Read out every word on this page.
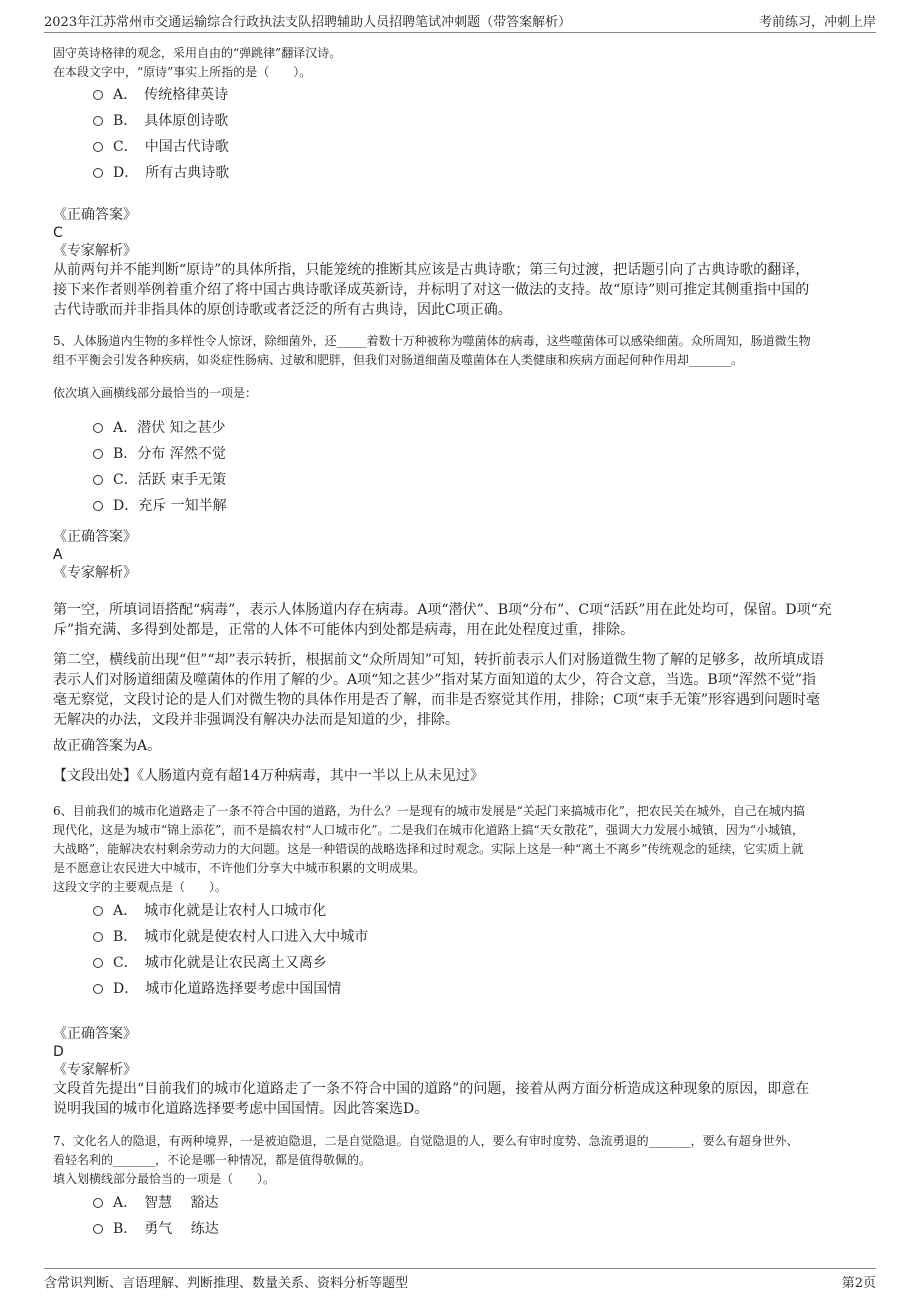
2023年江苏常州市交通运输综合行政执法支队招聘辅助人员招聘笔试冲刺题（带答案解析）	考前练习，冲刺上岸

固守英诗格律的观念，采用自由的“弹跳律”翻译汉诗。

在本段文字中，“原诗”事实上所指的是（　　）。

A．　传统格律英诗
B．　具体原创诗歌
C．　中国古代诗歌
D．　所有古典诗歌

《正确答案》

C

《专家解析》

从前两句并不能判断“原诗”的具体所指，只能笼统的推断其应该是古典诗歌；第三句过渡，把话题引向了古典诗歌的翻译，

接下来作者则举例着重介绍了将中国古典诗歌译成英新诗，并标明了对这一做法的支持。故“原诗”则可推定其侧重指中国的

古代诗歌而并非指具体的原创诗歌或者泛泛的所有古典诗，因此C项正确。

5、人体肠道内生物的多样性令人惊讶，除细菌外，还_____着数十万种被称为噬菌体的病毒，这些噬菌体可以感染细菌。众所周知，肠道微生物

组不平衡会引发各种疾病，如炎症性肠病、过敏和肥胖，但我们对肠道细菌及噬菌体在人类健康和疾病方面起何种作用却_______。

依次填入画横线部分最恰当的一项是：

A．潜伏 知之甚少
B．分布 浑然不觉
C．活跃 束手无策
D．充斥 一知半解

《正确答案》

A

《专家解析》

第一空，所填词语搭配“病毒”，表示人体肠道内存在病毒。A项“潜伏”、B项“分布”、C项“活跃”用在此处均可，保留。D项“充

斥”指充满、多得到处都是，正常的人体不可能体内到处都是病毒，用在此处程度过重，排除。

第二空，横线前出现“但”“却”表示转折，根据前文“众所周知”可知，转折前表示人们对肠道微生物了解的足够多，故所填成语

表示人们对肠道细菌及噬菌体的作用了解的少。A项“知之甚少”指对某方面知道的太少，符合文意，当选。B项“浑然不觉”指

毫无察觉，文段讨论的是人们对微生物的具体作用是否了解，而非是否察觉其作用，排除；C项“束手无策”形容遇到问题时毫

无解决的办法，文段并非强调没有解决办法而是知道的少，排除。

故正确答案为A。

【文段出处】《人肠道内竟有超14万种病毒，其中一半以上从未见过》

6、目前我们的城市化道路走了一条不符合中国的道路，为什么？一是现有的城市发展是“关起门来搞城市化”，把农民关在城外，自己在城内搞

现代化，这是为城市“锦上添花”，而不是搞农村“人口城市化”。二是我们在城市化道路上搞“天女散花”，强调大力发展小城镇，因为“小城镇，

大战略”，能解决农村剩余劳动力的大问题。这是一种错误的战略选择和过时观念。实际上这是一种“离土不离乡”传统观念的延续，它实质上就

是不愿意让农民进大中城市，不许他们分享大中城市积累的文明成果。

这段文字的主要观点是（　　）。

A．　城市化就是让农村人口城市化
B．　城市化就是使农村人口进入大中城市
C．　城市化就是让农民离土又离乡
D．　城市化道路选择要考虑中国国情

《正确答案》

D

《专家解析》

文段首先提出“目前我们的城市化道路走了一条不符合中国的道路”的问题，接着从两方面分析造成这种现象的原因，即意在

说明我国的城市化道路选择要考虑中国国情。因此答案选D。

7、文化名人的隐退，有两种境界，一是被迫隐退，二是自觉隐退。自觉隐退的人，要么有审时度势、急流勇退的_______，要么有超身世外、

看轻名利的_______，不论是哪一种情况，都是值得敬佩的。

填入划横线部分最恰当的一项是（　　）。

A．　智慧　 豁达
B．　勇气　 练达
含常识判断、言语理解、判断推理、数量关系、资料分析等题型	第2页
